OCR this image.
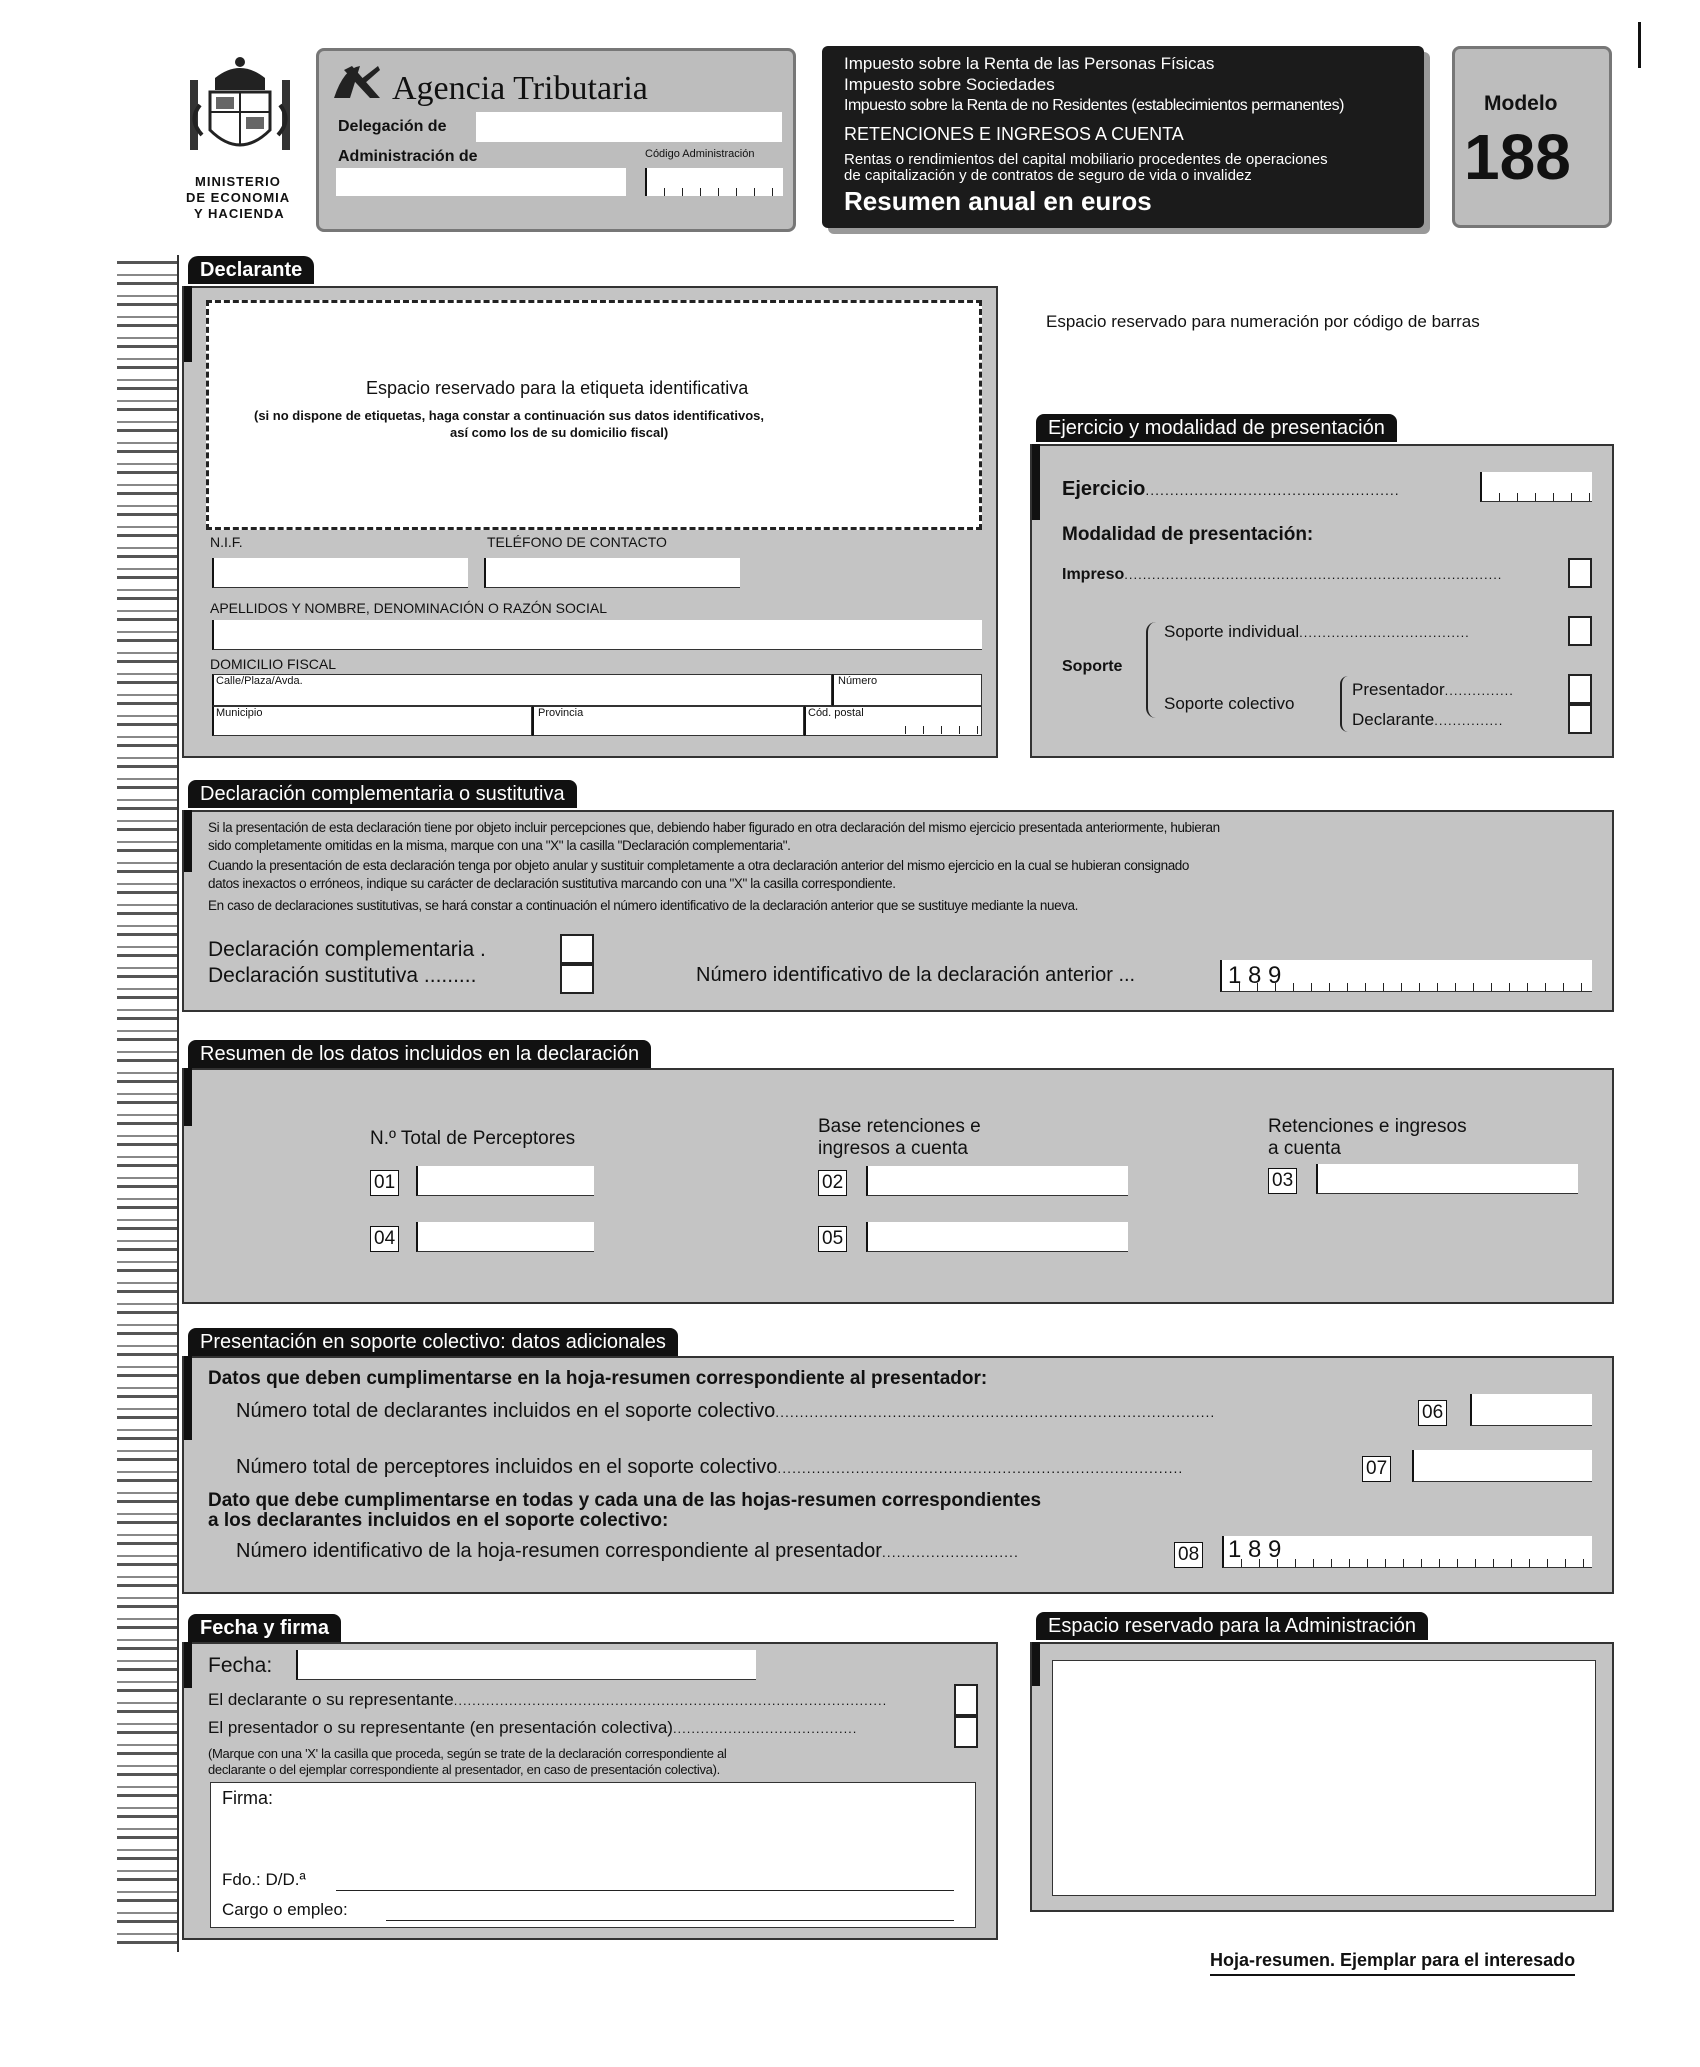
MINISTERIO
DE ECONOMIA
Y HACIENDA
Agencia Tributaria
Delegación de
Administración de	Código Administración
Impuesto sobre la Renta de las Personas Físicas
Impuesto sobre Sociedades
Impuesto sobre la Renta de no Residentes (establecimientos permanentes)
RETENCIONES E INGRESOS A CUENTA
Rentas o rendimientos del capital mobiliario procedentes de operaciones
de capitalización y de contratos de seguro de vida o invalidez
Resumen anual en euros
Modelo
188
Declarante
Espacio reservado para la etiqueta identificativa
(si no dispone de etiquetas, haga constar a continuación sus datos identificativos,
así como los de su domicilio fiscal)
N.I.F.	TELÉFONO DE CONTACTO
APELLIDOS Y NOMBRE, DENOMINACIÓN O RAZÓN SOCIAL
DOMICILIO FISCAL
Calle/Plaza/Avda.	Número
Municipio	Provincia	Cód. postal
Espacio reservado para numeración por código de barras
Ejercicio y modalidad de presentación
Ejercicio....................................................
Modalidad de presentación:
Impreso..................................................................................
Soporte
Soporte individual.....................................
Soporte colectivo
Presentador...............
Declarante...............
Declaración complementaria o sustitutiva
Si la presentación de esta declaración tiene por objeto incluir percepciones que, debiendo haber figurado en otra declaración del mismo ejercicio presentada anteriormente, hubieran
sido completamente omitidas en la misma, marque con una "X" la casilla "Declaración complementaria".
Cuando la presentación de esta declaración tenga por objeto anular y sustituir completamente a otra declaración anterior del mismo ejercicio en la cual se hubieran consignado
datos inexactos o erróneos, indique su carácter de declaración sustitutiva marcando con una "X" la casilla correspondiente.
En caso de declaraciones sustitutivas, se hará constar a continuación el número identificativo de la declaración anterior que se sustituye mediante la nueva.
Declaración complementaria .
Declaración sustitutiva .........	Número identificativo de la declaración anterior ...	1 8 9
Resumen de los datos incluidos en la declaración
N.º Total de Perceptores
Base retenciones e
ingresos a cuenta
Retenciones e ingresos
a cuenta
01	02	03
04	05
Presentación en soporte colectivo: datos adicionales
Datos que deben cumplimentarse en la hoja-resumen correspondiente al presentador:
Número total de declarantes incluidos en el soporte colectivo..........................................................................................	06
Número total de perceptores incluidos en el soporte colectivo...................................................................................	07
Dato que debe cumplimentarse en todas y cada una de las hojas-resumen correspondientes
a los declarantes incluidos en el soporte colectivo:
Número identificativo de la hoja-resumen correspondiente al presentador............................	08 1 8 9
Fecha y firma
Fecha:
El declarante o su representante..............................................................................................
El presentador o su representante (en presentación colectiva)........................................
(Marque con una 'X' la casilla que proceda, según se trate de la declaración correspondiente al
declarante o del ejemplar correspondiente al presentador, en caso de presentación colectiva).
Firma:
Fdo.: D/D.ª
Cargo o empleo:
Espacio reservado para la Administración
Hoja-resumen. Ejemplar para el interesado
